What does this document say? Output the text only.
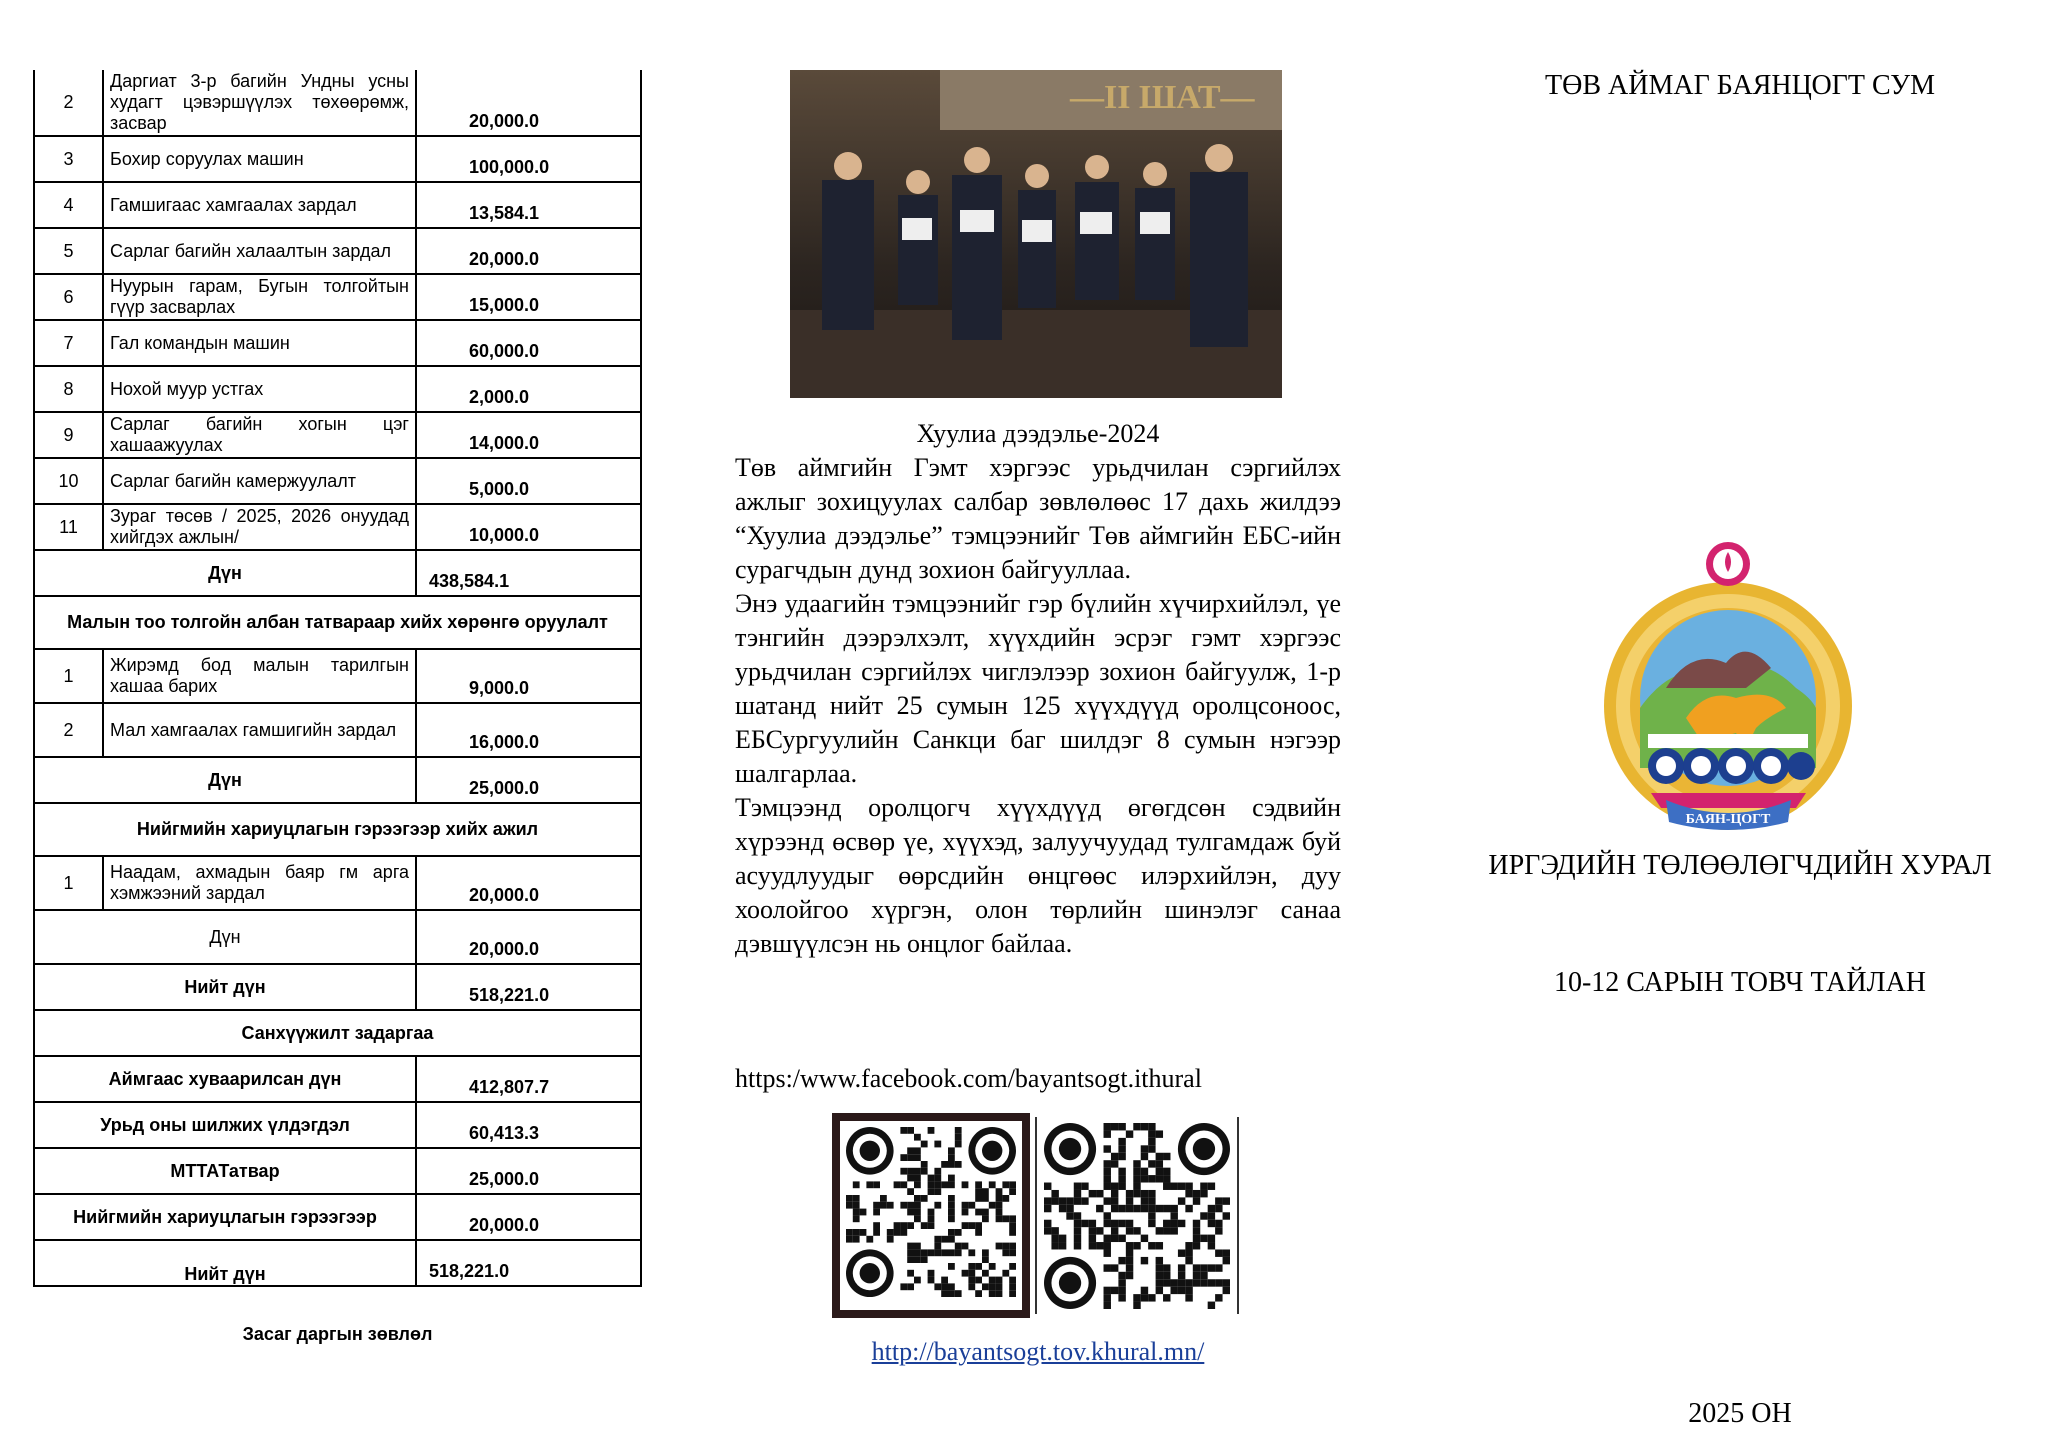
2	Даргиат 3-р багийн Ундны усны худагт цэвэршүүлэх төхөөрөмж, засвар	20,000.0
3	Бохир соруулах машин	100,000.0
4	Гамшигаас хамгаалах зардал	13,584.1
5	Сарлаг багийн халаалтын зардал	20,000.0
6	Нуурын гарам, Бугын толгойтын гүүр засварлах	15,000.0
7	Гал командын машин	60,000.0
8	Нохой муур устгах	2,000.0
9	Сарлаг багийн хогын цэг хашаажуулах	14,000.0
10	Сарлаг багийн камержуулалт	5,000.0
11	Зураг төсөв / 2025, 2026 онуудад хийгдэх ажлын/	10,000.0
Дүн		438,584.1
Малын тоо толгойн албан татвараар хийх хөрөнгө оруулалт		
1	Жирэмд бод малын тарилгын хашаа барих	9,000.0
2	Мал хамгаалах гамшигийн зардал	16,000.0
Дүн		25,000.0
Нийгмийн хариуцлагын гэрээгээр хийх ажил		
1	Наадам, ахмадын баяр гм арга хэмжээний зардал	20,000.0
Дүн		20,000.0
Нийт дүн		518,221.0
Санхүүжилт задаргаа		
Аймгаас хуваарилсан дүн		412,807.7
Урьд оны шилжих үлдэгдэл		60,413.3
МТТАТатвар		25,000.0
Нийгмийн хариуцлагын гэрээгээр		20,000.0
Нийт дүн		518,221.0
Засаг даргын зөвлөл
—II ШАТ—
Хуулиа дээдэлье-2024

Төв аймгийн Гэмт хэргээс урьдчилан сэргийлэх ажлыг зохицуулах салбар зөвлөлөөс 17 дахь жилдээ “Хуулиа дээдэлье” тэмцээнийг Төв аймгийн ЕБС-ийн сурагчдын дунд зохион байгууллаа.

Энэ удаагийн тэмцээнийг гэр бүлийн хүчирхийлэл, үе тэнгийн дээрэлхэлт, хүүхдийн эсрэг гэмт хэргээс урьдчилан сэргийлэх чиглэлээр зохион байгуулж, 1-р шатанд нийт 25 сумын 125 хүүхдүүд оролцсоноос, ЕБСургуулийн Санкци баг шилдэг 8 сумын нэгээр шалгарлаа.

Тэмцээнд оролцогч хүүхдүүд өгөгдсөн сэдвийн хүрээнд өсвөр үе, хүүхэд, залуучуудад тулгамдаж буй асуудлуудыг өөрсдийн өнцгөөс илэрхийлэн, дуу хоолойгоо хүргэн, олон төрлийн шинэлэг санаа дэвшүүлсэн нь онцлог байлаа.

https:/www.facebook.com/bayantsogt.ithural
http://bayantsogt.tov.khural.mn/
ТӨВ АЙМАГ БАЯНЦОГТ СУМ
БАЯН-ЦОГТ
ИРГЭДИЙН ТӨЛӨӨЛӨГЧДИЙН ХУРАЛ
10-12 САРЫН ТОВЧ ТАЙЛАН
2025 ОН
